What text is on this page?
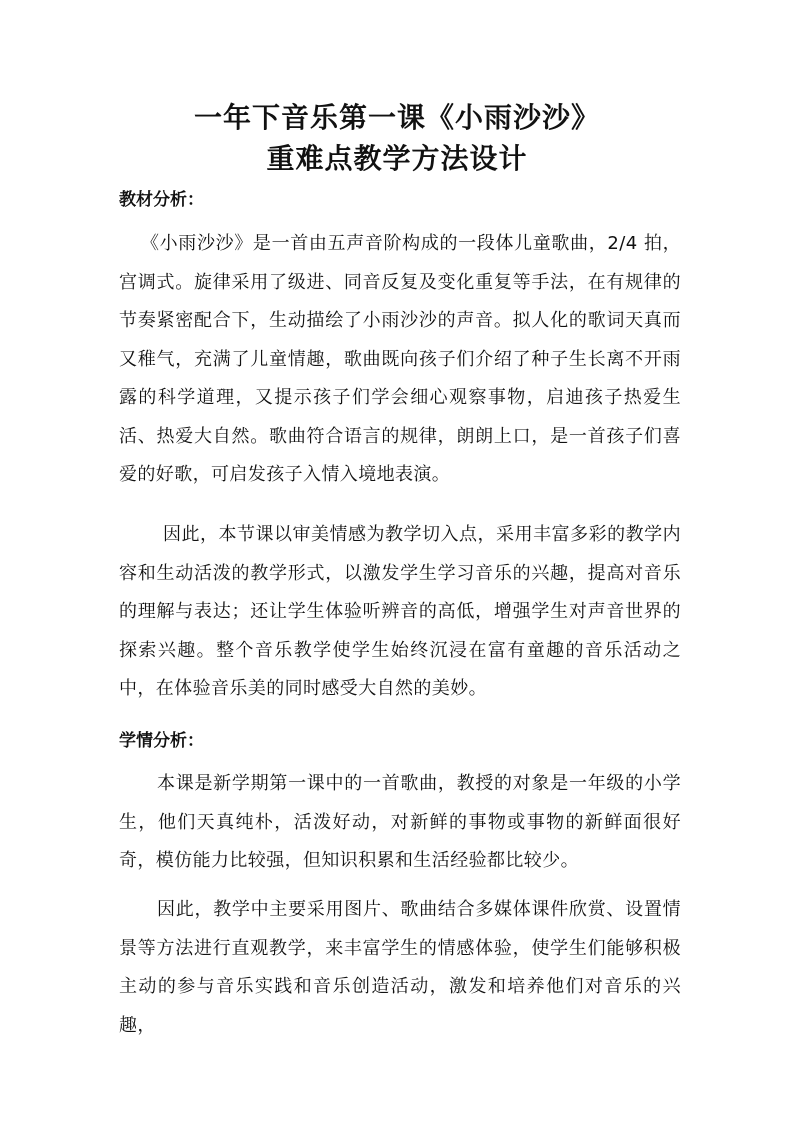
一年下音乐第一课《小雨沙沙》
重难点教学方法设计
教材分析：
《小雨沙沙》是一首由五声音阶构成的一段体儿童歌曲，2/4 拍，宫调式。旋律采用了级进、同音反复及变化重复等手法，在有规律的节奏紧密配合下，生动描绘了小雨沙沙的声音。拟人化的歌词天真而又稚气，充满了儿童情趣，歌曲既向孩子们介绍了种子生长离不开雨露的科学道理，又提示孩子们学会细心观察事物，启迪孩子热爱生活、热爱大自然。歌曲符合语言的规律，朗朗上口，是一首孩子们喜爱的好歌，可启发孩子入情入境地表演。
因此，本节课以审美情感为教学切入点，采用丰富多彩的教学内容和生动活泼的教学形式，以激发学生学习音乐的兴趣，提高对音乐的理解与表达；还让学生体验听辨音的高低，增强学生对声音世界的探索兴趣。整个音乐教学使学生始终沉浸在富有童趣的音乐活动之中，在体验音乐美的同时感受大自然的美妙。
学情分析：
本课是新学期第一课中的一首歌曲，教授的对象是一年级的小学生，他们天真纯朴，活泼好动，对新鲜的事物或事物的新鲜面很好奇，模仿能力比较强，但知识积累和生活经验都比较少。
因此，教学中主要采用图片、歌曲结合多媒体课件欣赏、设置情景等方法进行直观教学，来丰富学生的情感体验，使学生们能够积极主动的参与音乐实践和音乐创造活动，激发和培养他们对音乐的兴趣，
